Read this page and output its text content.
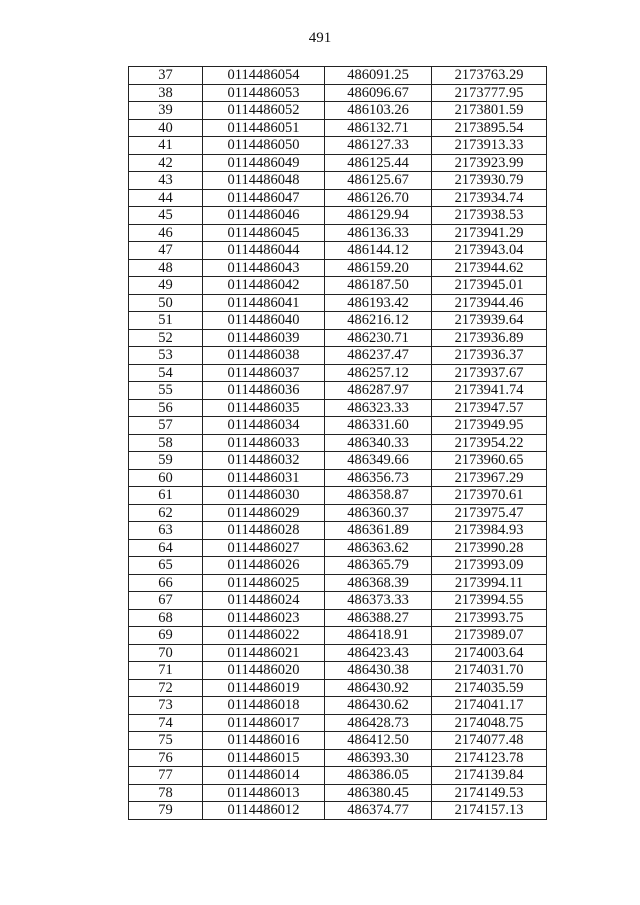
491
37	0114486054	486091.25	2173763.29
38	0114486053	486096.67	2173777.95
39	0114486052	486103.26	2173801.59
40	0114486051	486132.71	2173895.54
41	0114486050	486127.33	2173913.33
42	0114486049	486125.44	2173923.99
43	0114486048	486125.67	2173930.79
44	0114486047	486126.70	2173934.74
45	0114486046	486129.94	2173938.53
46	0114486045	486136.33	2173941.29
47	0114486044	486144.12	2173943.04
48	0114486043	486159.20	2173944.62
49	0114486042	486187.50	2173945.01
50	0114486041	486193.42	2173944.46
51	0114486040	486216.12	2173939.64
52	0114486039	486230.71	2173936.89
53	0114486038	486237.47	2173936.37
54	0114486037	486257.12	2173937.67
55	0114486036	486287.97	2173941.74
56	0114486035	486323.33	2173947.57
57	0114486034	486331.60	2173949.95
58	0114486033	486340.33	2173954.22
59	0114486032	486349.66	2173960.65
60	0114486031	486356.73	2173967.29
61	0114486030	486358.87	2173970.61
62	0114486029	486360.37	2173975.47
63	0114486028	486361.89	2173984.93
64	0114486027	486363.62	2173990.28
65	0114486026	486365.79	2173993.09
66	0114486025	486368.39	2173994.11
67	0114486024	486373.33	2173994.55
68	0114486023	486388.27	2173993.75
69	0114486022	486418.91	2173989.07
70	0114486021	486423.43	2174003.64
71	0114486020	486430.38	2174031.70
72	0114486019	486430.92	2174035.59
73	0114486018	486430.62	2174041.17
74	0114486017	486428.73	2174048.75
75	0114486016	486412.50	2174077.48
76	0114486015	486393.30	2174123.78
77	0114486014	486386.05	2174139.84
78	0114486013	486380.45	2174149.53
79	0114486012	486374.77	2174157.13
